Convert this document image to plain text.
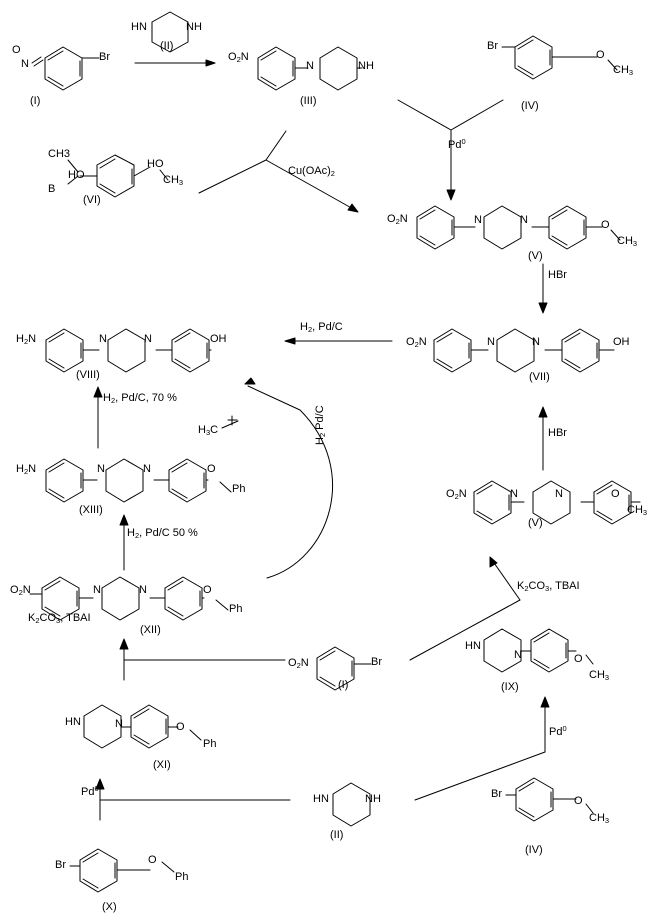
O
N
Br
(I)
HN	NH
(II)
$O_2N$
N	NH
(III)
Br
O
$CH_3$
(IV)
Pd$^0$
CH3
HO
B
HO
$CH_3$
(VI)
$Cu(OAc)_2$
$O_2N$	N	N	O
$CH_3$
(V)
HBr
$H_2$, Pd/C
$O_2N$	N	N	OH
(VII)
$H_2N$	N	N	OH
(VIII)
$H_2$, Pd/C, 70 %
$H_3C$
$H_2$ Pd/C
HBr
$H_2N$	N	N	O
Ph
(XIII)
$H_2$, Pd/C 50 %
$O_2N$	N	N	O
$CH_3$
(V)
$K_2CO_3$, TBAI
$O_2N$	N	N	O
Ph
(XII)
$K_2CO_3$, TBAI
$O_2N$	Br
(I)
HN
N	O
$CH_3$
(IX)
HN	N	O
Ph
(XI)
Pd$^0$
Pd$^0$
HN	NH
(II)
Br
O
$CH_3$
(IV)
Br	O
Ph
(X)
